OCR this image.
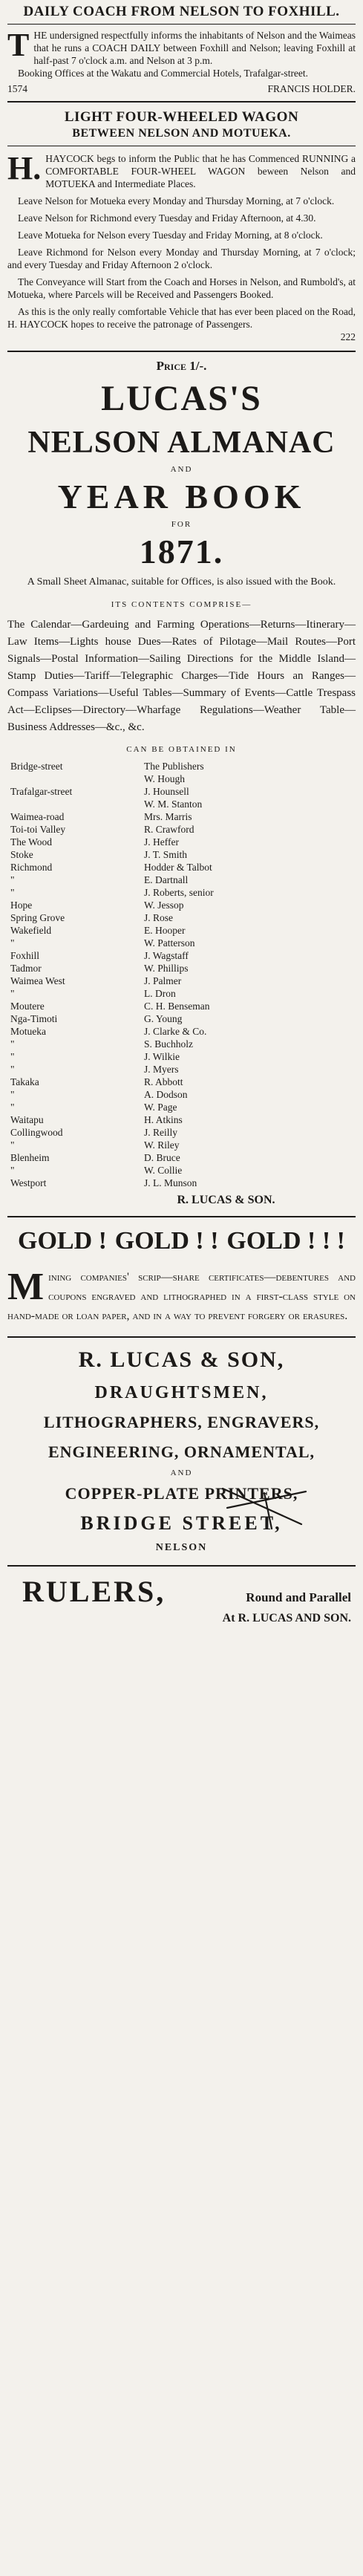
DAILY COACH FROM NELSON TO FOXHILL.

THE undersigned respectfully informs the inhabitants of Nelson and the Waimeas that he runs a COACH DAILY between Foxhill and Nelson; leaving Foxhill at half-past 7 o'clock a.m. and Nelson at 3 p.m.

Booking Offices at the Wakatu and Commercial Hotels, Trafalgar-street.

1574	FRANCIS HOLDER.
LIGHT FOUR-WHEELED WAGON
BETWEEN NELSON AND MOTUEKA.

H. HAYCOCK begs to inform the Public that he has Commenced RUNNING a COMFORTABLE FOUR-WHEEL WAGON beween Nelson and MOTUEKA and Intermediate Places.

Leave Nelson for Motueka every Monday and Thursday Morning, at 7 o'clock.

Leave Nelson for Richmond every Tuesday and Friday Afternoon, at 4.30.

Leave Motueka for Nelson every Tuesday and Friday Morning, at 8 o'clock.

Leave Richmond for Nelson every Monday and Thursday Morning, at 7 o'clock; and every Tuesday and Friday Afternoon 2 o'clock.

The Conveyance will Start from the Coach and Horses in Nelson, and Rumbold's, at Motueka, where Parcels will be Received and Passengers Booked.

As this is the only really comfortable Vehicle that has ever been placed on the Road, H. HAYCOCK hopes to receive the patronage of Passengers.

222
Price 1/-.
LUCAS'S
NELSON ALMANAC
AND
YEAR BOOK
FOR
1871.

A Small Sheet Almanac, suitable for Offices, is also issued with the Book.

ITS CONTENTS COMPRISE—

The Calendar—Gardeuing and Farming Operations—Returns—Itinerary—Law Items—Lights house Dues—Rates of Pilotage—Mail Routes—Port Signals—Postal Information—Sailing Directions for the Middle Island—Stamp Duties—Tariff—Telegraphic Charges—Tide Hours an Ranges—Compass Variations—Useful Tables—Summary of Events—Cattle Trespass Act—Eclipses—Directory—Wharfage Regulations—Weather Table—Business Addresses—&c., &c.

CAN BE OBTAINED IN
Bridge-street	The Publishers
W. Hough
Trafalgar-street	J. Hounsell
W. M. Stanton
Waimea-road	Mrs. Marris
Toi-toi Valley	R. Crawford
The Wood	J. Heffer
Stoke	J. T. Smith
Richmond	Hodder & Talbot
"	E. Dartnall
"	J. Roberts, senior
Hope	W. Jessop
Spring Grove	J. Rose
Wakefield	E. Hooper
"	W. Patterson
Foxhill	J. Wagstaff
Tadmor	W. Phillips
Waimea West	J. Palmer
"	L. Dron
Moutere	C. H. Benseman
Nga-Timoti	G. Young
Motueka	J. Clarke & Co.
"	S. Buchholz
"	J. Wilkie
"	J. Myers
Takaka	R. Abbott
"	A. Dodson
"	W. Page
Waitapu	H. Atkins
Collingwood	J. Reilly
"	W. Riley
Blenheim	D. Bruce
"	W. Collie
Westport	J. L. Munson
R. LUCAS & SON.
GOLD ! GOLD ! ! GOLD ! ! !

Mining companies' scrip—share certificates—debentures and coupons engraved and lithographed in a first-class style on hand-made or loan paper, and in a way to prevent forgery or erasures.

R. LUCAS & SON,
DRAUGHTSMEN,
LITHOGRAPHERS, ENGRAVERS,
ENGINEERING, ORNAMENTAL,
AND
COPPER-PLATE PRINTERS,
BRIDGE STREET,
NELSON
RULERS,	Round and Parallel
At R. LUCAS AND SON.
